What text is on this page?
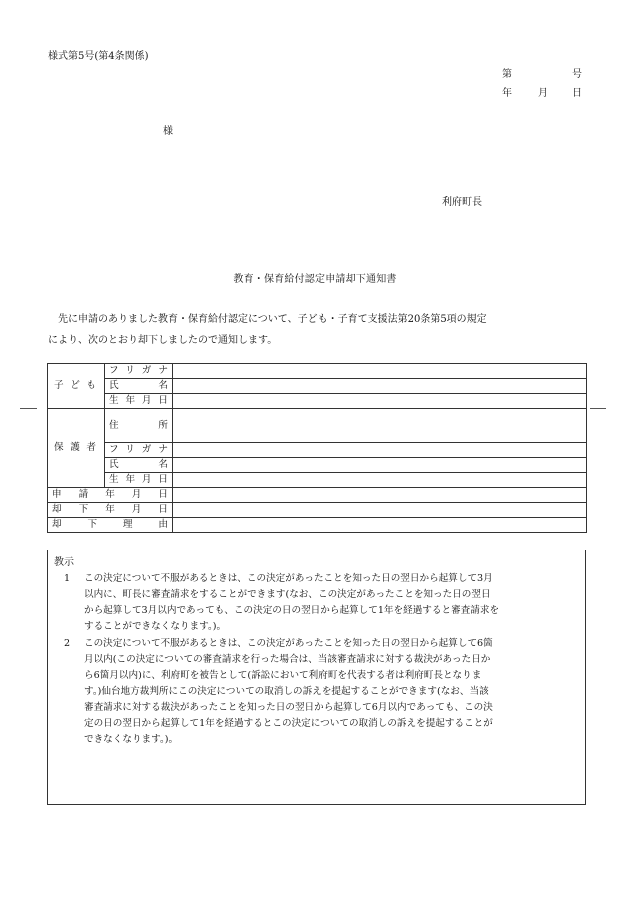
様式第5号(第4条関係)
第	号
年	月 日
様
利府町長
教育・保育給付認定申請却下通知書

先に申請のありました教育・保育給付認定について、子ども・子育て支援法第20条第5項の規定

により、次のとおり却下しましたので通知します。

子ども	フリガナ	
	氏名	
	生年月日	
保護者	住所	
	フリガナ	
	氏名	
	生年月日	
申請年月日		
却下年月日		
却下理由		
教示
1 この決定について不服があるときは、この決定があったことを知った日の翌日から起算して3月
以内に、町長に審査請求をすることができます(なお、この決定があったことを知った日の翌日
から起算して3月以内であっても、この決定の日の翌日から起算して1年を経過すると審査請求を
することができなくなります。)。
2 この決定について不服があるときは、この決定があったことを知った日の翌日から起算して6箇
月以内(この決定についての審査請求を行った場合は、当該審査請求に対する裁決があった日か
ら6箇月以内)に、利府町を被告として(訴訟において利府町を代表する者は利府町長となりま
す。)仙台地方裁判所にこの決定についての取消しの訴えを提起することができます(なお、当該
審査請求に対する裁決があったことを知った日の翌日から起算して6月以内であっても、この決
定の日の翌日から起算して1年を経過するとこの決定についての取消しの訴えを提起することが
できなくなります。)。
